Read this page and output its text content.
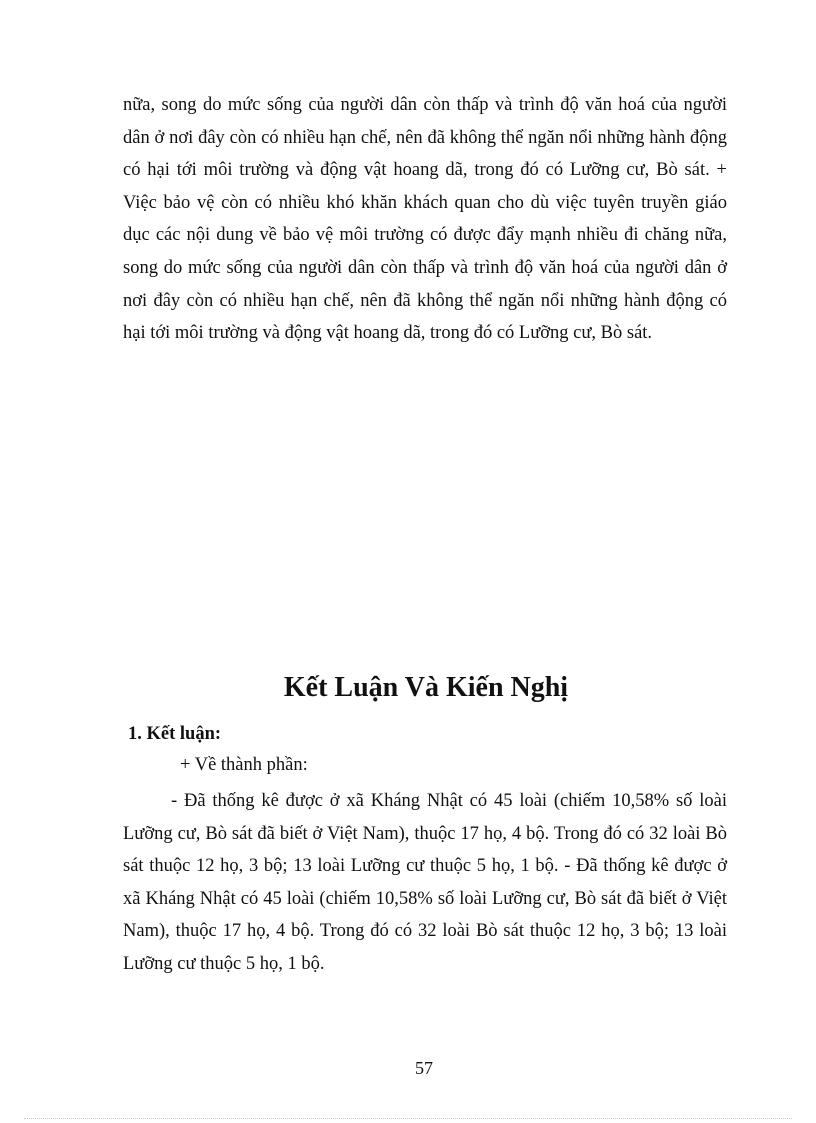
nữa, song do mức sống của người dân còn thấp và trình độ văn hoá của người dân ở nơi đây còn có nhiều hạn chế, nên đã không thể ngăn nổi những hành động có hại tới môi trường và động vật hoang dã, trong đó có Lưỡng cư, Bò sát. + Việc bảo vệ còn có nhiều khó khăn khách quan cho dù việc tuyên truyền giáo dục các nội dung về bảo vệ môi trường có được đẩy mạnh nhiều đi chăng nữa, song do mức sống của người dân còn thấp và trình độ văn hoá của người dân ở nơi đây còn có nhiều hạn chế, nên đã không thể ngăn nổi những hành động có hại tới môi trường và động vật hoang dã, trong đó có Lưỡng cư, Bò sát.

Kết Luận Và Kiến Nghị
1. Kết luận:

+ Về thành phần:

- Đã thống kê được ở xã Kháng Nhật có 45 loài (chiếm 10,58% số loài Lưỡng cư, Bò sát đã biết ở Việt Nam), thuộc 17 họ, 4 bộ. Trong đó có 32 loài Bò sát thuộc 12 họ, 3 bộ; 13 loài Lưỡng cư thuộc 5 họ, 1 bộ. - Đã thống kê được ở xã Kháng Nhật có 45 loài (chiếm 10,58% số loài Lưỡng cư, Bò sát đã biết ở Việt Nam), thuộc 17 họ, 4 bộ. Trong đó có 32 loài Bò sát thuộc 12 họ, 3 bộ; 13 loài Lưỡng cư thuộc 5 họ, 1 bộ.

57
